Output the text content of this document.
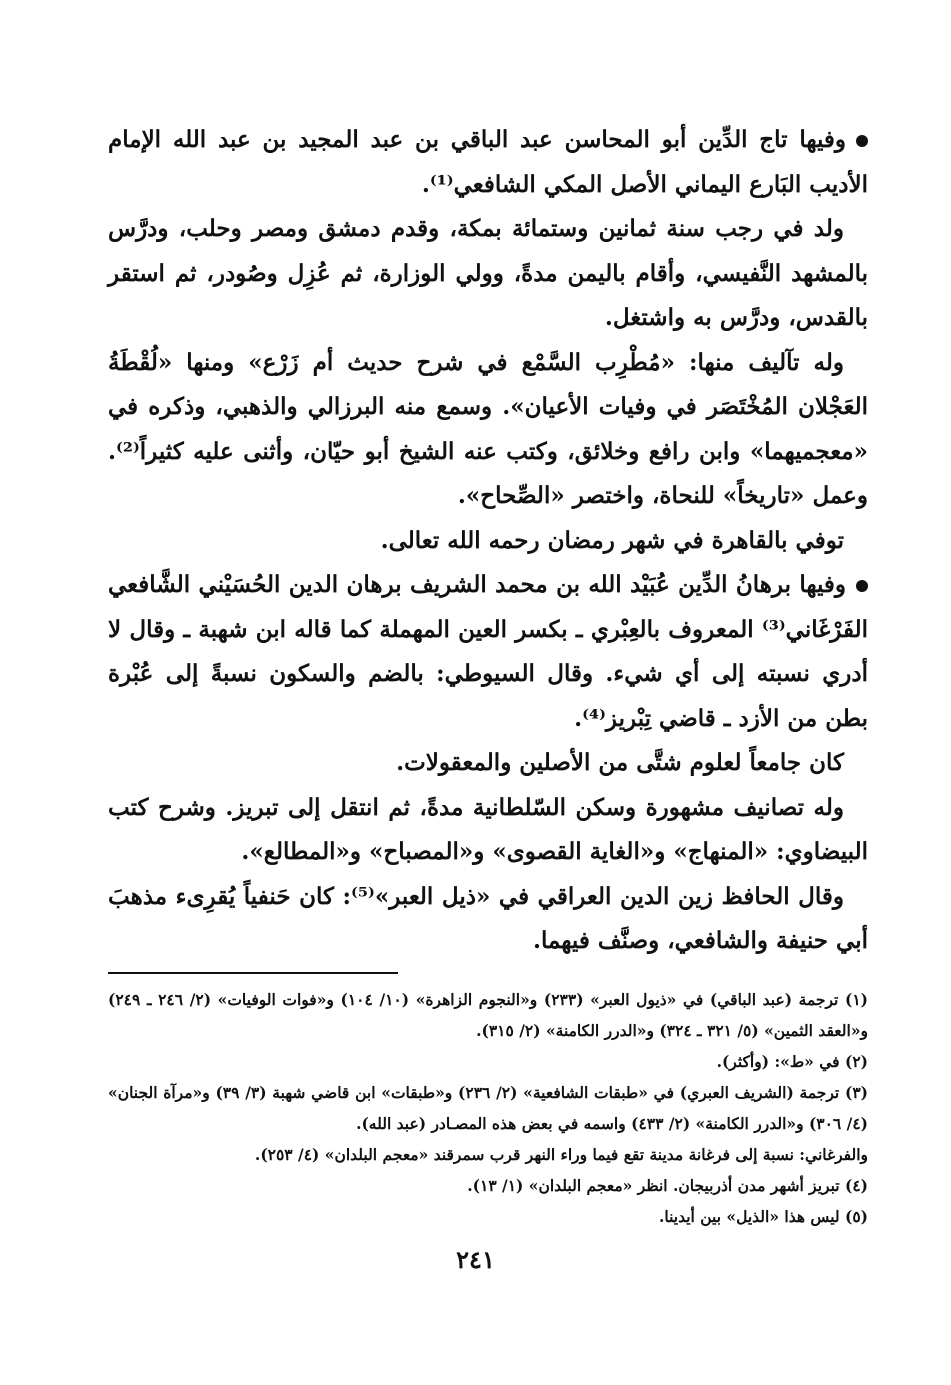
وفيها تاج الدِّين أبو المحاسن عبد الباقي بن عبد المجيد بن عبد الله الإمام الأديب البَارع اليماني الأصل المكي الشافعي⁽¹⁾.

ولد في رجب سنة ثمانين وستمائة بمكة، وقدم دمشق ومصر وحلب، ودرَّس بالمشهد النَّفيسي، وأقام باليمن مدةً، وولي الوزارة، ثم عُزِل وصُودر، ثم استقر بالقدس، ودرَّس به واشتغل.

وله تآليف منها: «مُطْرِب السَّمْع في شرح حديث أم زَرْع» ومنها «لُقْطَةُ العَجْلان المُخْتَصَر في وفيات الأعيان». وسمع منه البرزالي والذهبي، وذكره في «معجميهما» وابن رافع وخلائق، وكتب عنه الشيخ أبو حيّان، وأثنى عليه كثيراً⁽²⁾. وعمل «تاريخاً» للنحاة، واختصر «الصِّحاح».

توفي بالقاهرة في شهر رمضان رحمه الله تعالى.

وفيها برهانُ الدِّين عُبَيْد الله بن محمد الشريف برهان الدين الحُسَيْني الشَّافعي الفَرْغَاني⁽³⁾ المعروف بالعِبْري ـ بكسر العين المهملة كما قاله ابن شهبة ـ وقال لا أدري نسبته إلى أي شيء. وقال السيوطي: بالضم والسكون نسبةً إلى عُبْرة بطن من الأزد ـ قاضي تِبْريز⁽⁴⁾.

كان جامعاً لعلوم شتَّى من الأصلين والمعقولات.

وله تصانيف مشهورة وسكن السّلطانية مدةً، ثم انتقل إلى تبريز. وشرح كتب البيضاوي: «المنهاج» و«الغاية القصوى» و«المصباح» و«المطالع».

وقال الحافظ زين الدين العراقي في «ذيل العبر»⁽⁵⁾: كان حَنفياً يُقرِىء مذهبَ أبي حنيفة والشافعي، وصنَّف فيهما.

(١) ترجمة (عبد الباقي) في «ذيول العبر» (٢٣٣) و«النجوم الزاهرة» (١٠/ ١٠٤) و«فوات الوفيات» (٢/ ٢٤٦ ـ ٢٤٩) و«العقد الثمين» (٥/ ٣٢١ ـ ٣٢٤) و«الدرر الكامنة» (٢/ ٣١٥).

(٢) في «ط»: (وأكثر).

(٣) ترجمة (الشريف العبري) في «طبقات الشافعية» (٢/ ٢٣٦) و«طبقات» ابن قاضي شهبة (٣/ ٣٩) و«مرآة الجنان» (٤/ ٣٠٦) و«الدرر الكامنة» (٢/ ٤٣٣) واسمه في بعض هذه المصـادر (عبد الله).

والفرغاني: نسبة إلى فرغانة مدينة تقع فيما وراء النهر قرب سمرقند «معجم البلدان» (٤/ ٢٥٣).

(٤) تبريز أشهر مدن أذربيجان. انظر «معجم البلدان» (١/ ١٣).

(٥) ليس هذا «الذيل» بين أيدينا.

٢٤١
